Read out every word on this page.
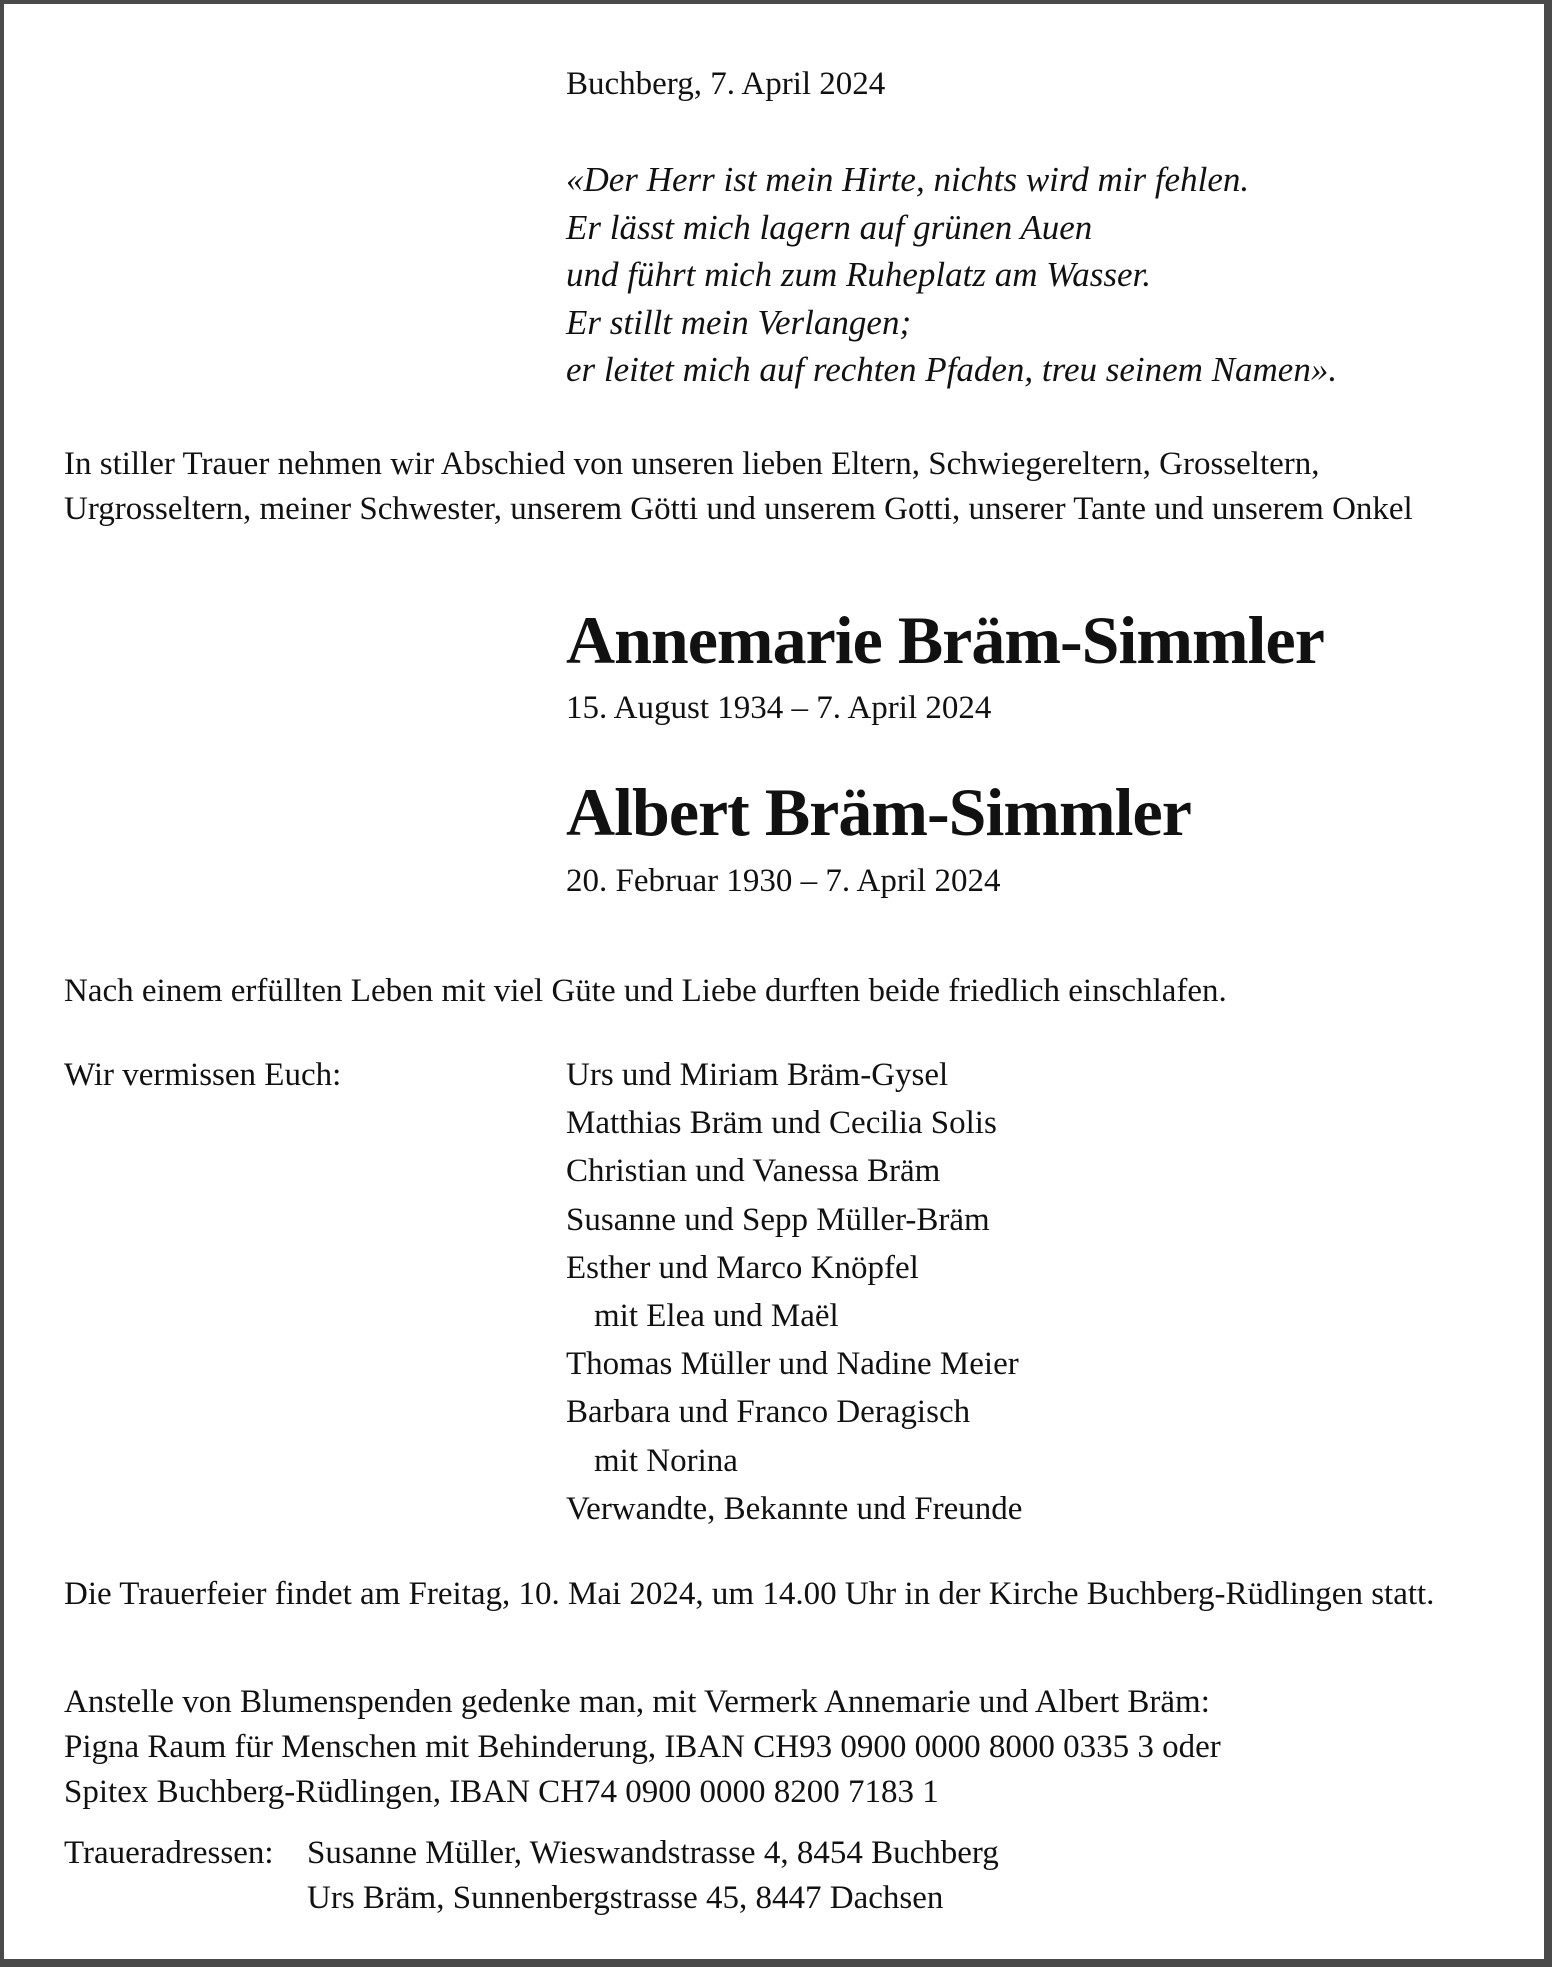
Buchberg, 7. April 2024
«Der Herr ist mein Hirte, nichts wird mir fehlen.
Er lässt mich lagern auf grünen Auen
und führt mich zum Ruheplatz am Wasser.
Er stillt mein Verlangen;
er leitet mich auf rechten Pfaden, treu seinem Namen».
In stiller Trauer nehmen wir Abschied von unseren lieben Eltern, Schwiegereltern, Grosseltern, Urgrosseltern, meiner Schwester, unserem Götti und unserem Gotti, unserer Tante und unserem Onkel
Annemarie Bräm-Simmler
15. August 1934 – 7. April 2024
Albert Bräm-Simmler
20. Februar 1930 – 7. April 2024
Nach einem erfüllten Leben mit viel Güte und Liebe durften beide friedlich einschlafen.
Wir vermissen Euch:	Urs und Miriam Bräm-Gysel
Matthias Bräm und Cecilia Solis
Christian und Vanessa Bräm
Susanne und Sepp Müller-Bräm
Esther und Marco Knöpfel
mit Elea und Maël
Thomas Müller und Nadine Meier
Barbara und Franco Deragisch
mit Norina
Verwandte, Bekannte und Freunde
Die Trauerfeier findet am Freitag, 10. Mai 2024, um 14.00 Uhr in der Kirche Buchberg-Rüdlingen statt.
Anstelle von Blumenspenden gedenke man, mit Vermerk Annemarie und Albert Bräm:
Pigna Raum für Menschen mit Behinderung, IBAN CH93 0900 0000 8000 0335 3 oder
Spitex Buchberg-Rüdlingen, IBAN CH74 0900 0000 8200 7183 1
Traueradressen: Susanne Müller, Wieswandstrasse 4, 8454 Buchberg
Urs Bräm, Sunnenbergstrasse 45, 8447 Dachsen
